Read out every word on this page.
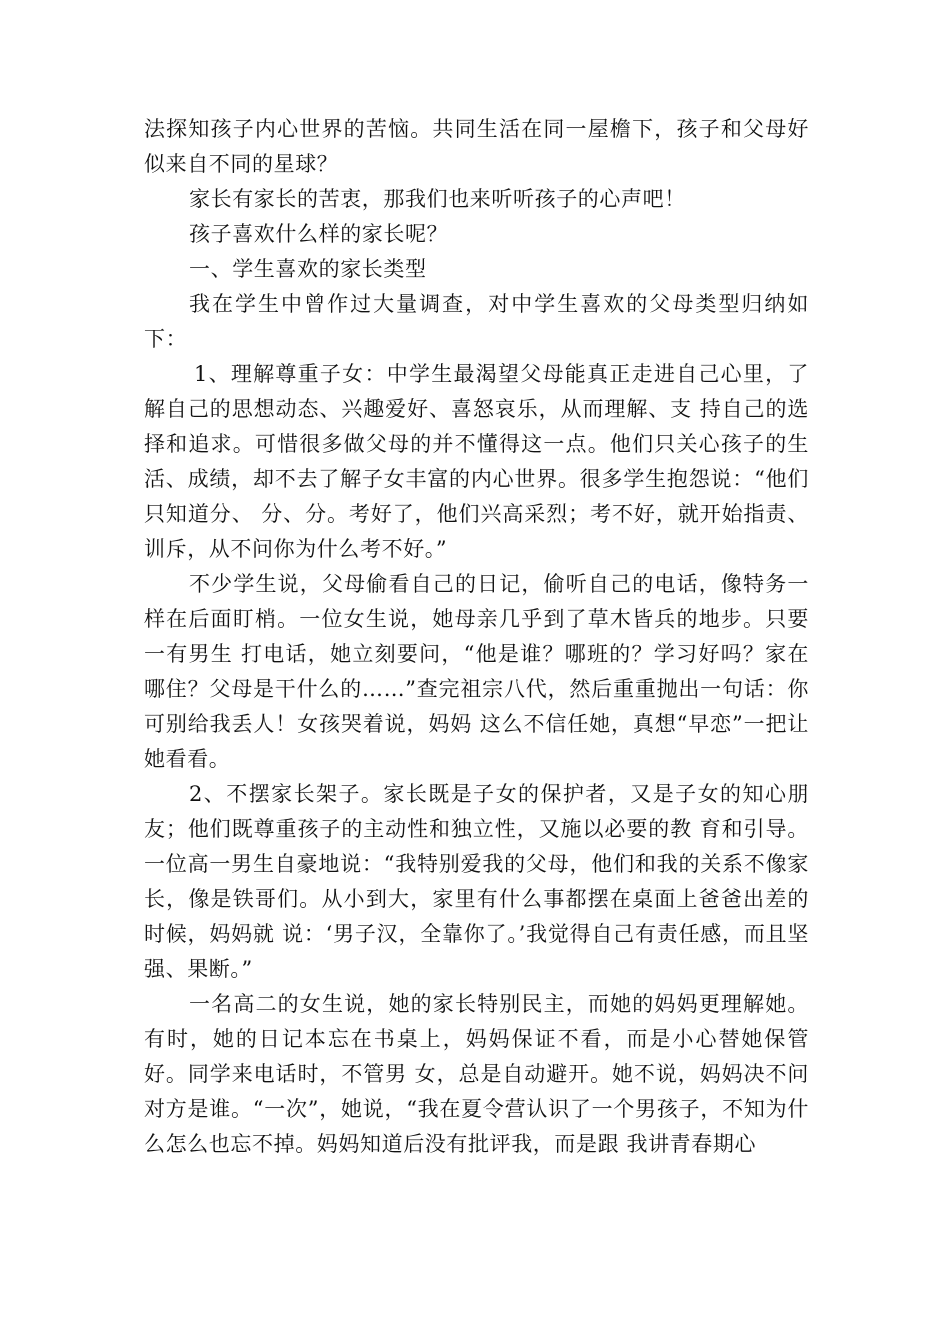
法探知孩子内心世界的苦恼。共同生活在同一屋檐下，孩子和父母好似来自不同的星球？

家长有家长的苦衷，那我们也来听听孩子的心声吧！

孩子喜欢什么样的家长呢？

一、学生喜欢的家长类型

我在学生中曾作过大量调查，对中学生喜欢的父母类型归纳如下：

1、理解尊重子女：中学生最渴望父母能真正走进自己心里，了解自己的思想动态、兴趣爱好、喜怒哀乐，从而理解、支 持自己的选择和追求。可惜很多做父母的并不懂得这一点。他们只关心孩子的生活、成绩，却不去了解子女丰富的内心世界。很多学生抱怨说：“他们只知道分、 分、分。考好了，他们兴高采烈；考不好，就开始指责、训斥，从不问你为什么考不好。”

不少学生说，父母偷看自己的日记，偷听自己的电话，像特务一样在后面盯梢。一位女生说，她母亲几乎到了草木皆兵的地步。只要一有男生 打电话，她立刻要问，“他是谁？哪班的？学习好吗？家在哪住？父母是干什么的……”查完祖宗八代，然后重重抛出一句话：你可别给我丢人！女孩哭着说，妈妈 这么不信任她，真想“早恋”一把让她看看。

2、不摆家长架子。家长既是子女的保护者，又是子女的知心朋友；他们既尊重孩子的主动性和独立性，又施以必要的教 育和引导。一位高一男生自豪地说：“我特别爱我的父母，他们和我的关系不像家长，像是铁哥们。从小到大，家里有什么事都摆在桌面上爸爸出差的时候，妈妈就 说：‘男子汉，全靠你了。’我觉得自己有责任感，而且坚强、果断。”

一名高二的女生说，她的家长特别民主，而她的妈妈更理解她。有时，她的日记本忘在书桌上，妈妈保证不看，而是小心替她保管好。同学来电话时，不管男 女，总是自动避开。她不说，妈妈决不问对方是谁。“一次”，她说，“我在夏令营认识了一个男孩子，不知为什么怎么也忘不掉。妈妈知道后没有批评我，而是跟 我讲青春期心
